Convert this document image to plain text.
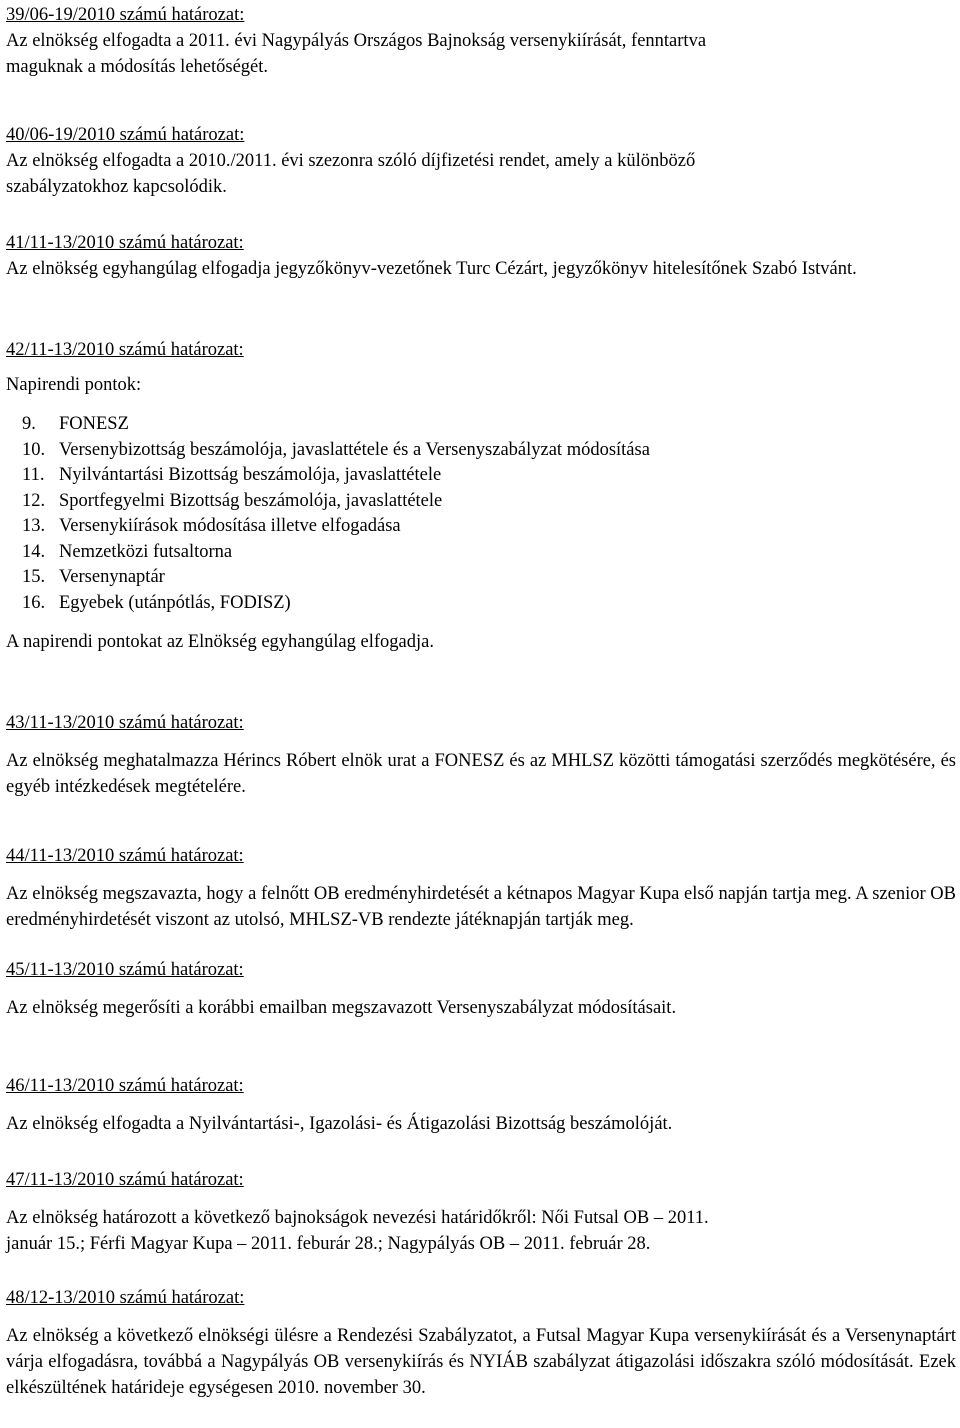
39/06-19/2010 számú határozat:
Az elnökség elfogadta a 2011. évi Nagypályás Országos Bajnokság versenykiírását, fenntartva
maguknak a módosítás lehetőségét.
40/06-19/2010 számú határozat:
Az elnökség elfogadta a 2010./2011. évi szezonra szóló díjfizetési rendet, amely a különböző
szabályzatokhoz kapcsolódik.
41/11-13/2010 számú határozat:
Az elnökség egyhangúlag elfogadja jegyzőkönyv-vezetőnek Turc Cézárt, jegyzőkönyv hitelesítőnek Szabó Istvánt.
42/11-13/2010 számú határozat:
Napirendi pontok:
9.	FONESZ
10. Versenybizottság beszámolója, javaslattétele és a Versenyszabályzat módosítása
11. Nyilvántartási Bizottság beszámolója, javaslattétele
12. Sportfegyelmi Bizottság beszámolója, javaslattétele
13. Versenykiírások módosítása illetve elfogadása
14. Nemzetközi futsaltorna
15. Versenynaptár
16. Egyebek (utánpótlás, FODISZ)
A napirendi pontokat az Elnökség egyhangúlag elfogadja.
43/11-13/2010 számú határozat:
Az elnökség meghatalmazza Hérincs Róbert elnök urat a FONESZ és az MHLSZ közötti támogatási szerződés megkötésére, és egyéb intézkedések megtételére.
44/11-13/2010 számú határozat:
Az elnökség megszavazta, hogy a felnőtt OB eredményhirdetését a kétnapos Magyar Kupa első napján tartja meg. A szenior OB eredményhirdetését viszont az utolsó, MHLSZ-VB rendezte játéknapján tartják meg.
45/11-13/2010 számú határozat:
Az elnökség megerősíti a korábbi emailban megszavazott Versenyszabályzat módosításait.
46/11-13/2010 számú határozat:
Az elnökség elfogadta a Nyilvántartási-, Igazolási- és Átigazolási Bizottság beszámolóját.
47/11-13/2010 számú határozat:
Az elnökség határozott a következő bajnokságok nevezési határidőkről: Női Futsal OB – 2011.
január 15.; Férfi Magyar Kupa – 2011. feburár 28.; Nagypályás OB – 2011. február 28.
48/12-13/2010 számú határozat:
Az elnökség a következő elnökségi ülésre a Rendezési Szabályzatot, a Futsal Magyar Kupa versenykiírását és a Versenynaptárt várja elfogadásra, továbbá a Nagypályás OB versenykiírás és NYIÁB szabályzat átigazolási időszakra szóló módosítását. Ezek elkészültének határideje egységesen 2010. november 30.
